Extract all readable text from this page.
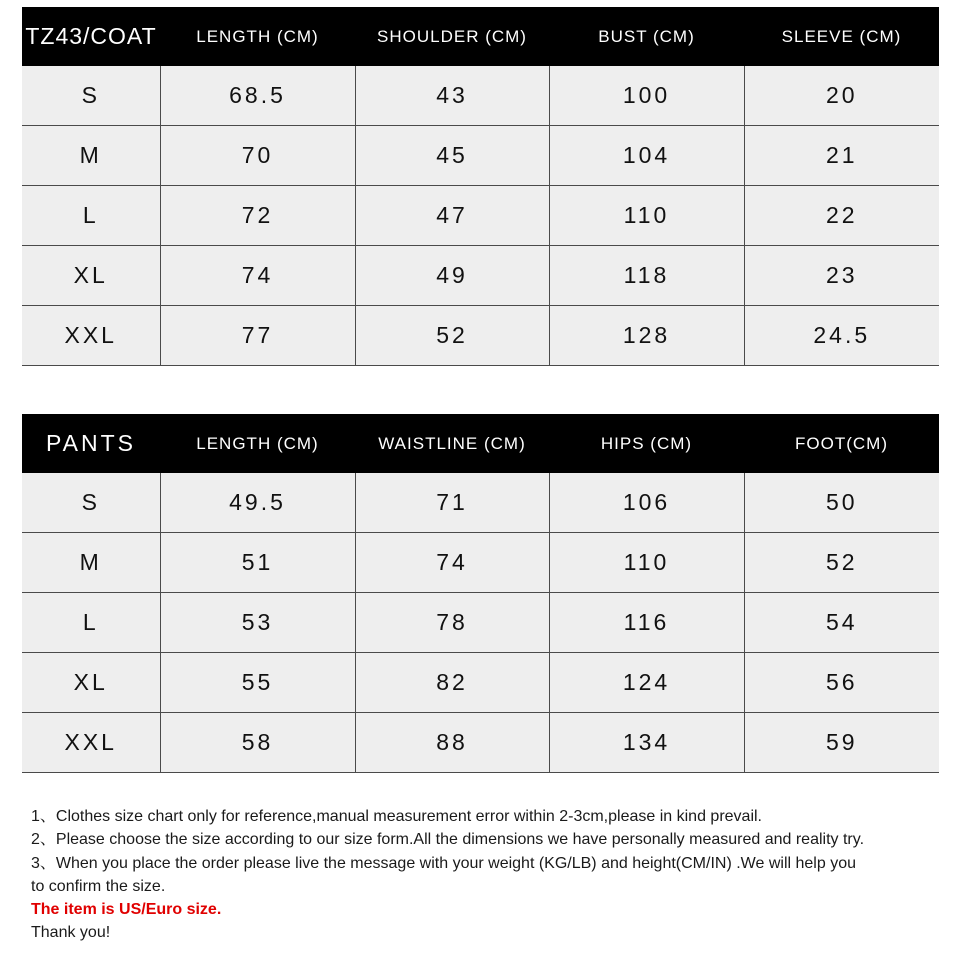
TZ43/COAT	LENGTH (CM)	SHOULDER (CM)	BUST (CM)	SLEEVE (CM)
S	68.5	43	100	20
M	70	45	104	21
L	72	47	110	22
XL	74	49	118	23
XXL	77	52	128	24.5
PANTS	LENGTH (CM)	WAISTLINE (CM)	HIPS (CM)	FOOT(CM)
S	49.5	71	106	50
M	51	74	110	52
L	53	78	116	54
XL	55	82	124	56
XXL	58	88	134	59

1、Clothes size chart only for reference,manual measurement error within 2-3cm,please in kind prevail.

2、Please choose the size according to our size form.All the dimensions we have personally measured and reality try.

3、When you place the order please live the message with your weight (KG/LB) and height(CM/IN) .We will help you to confirm the size.

The item is US/Euro size.

Thank you!
